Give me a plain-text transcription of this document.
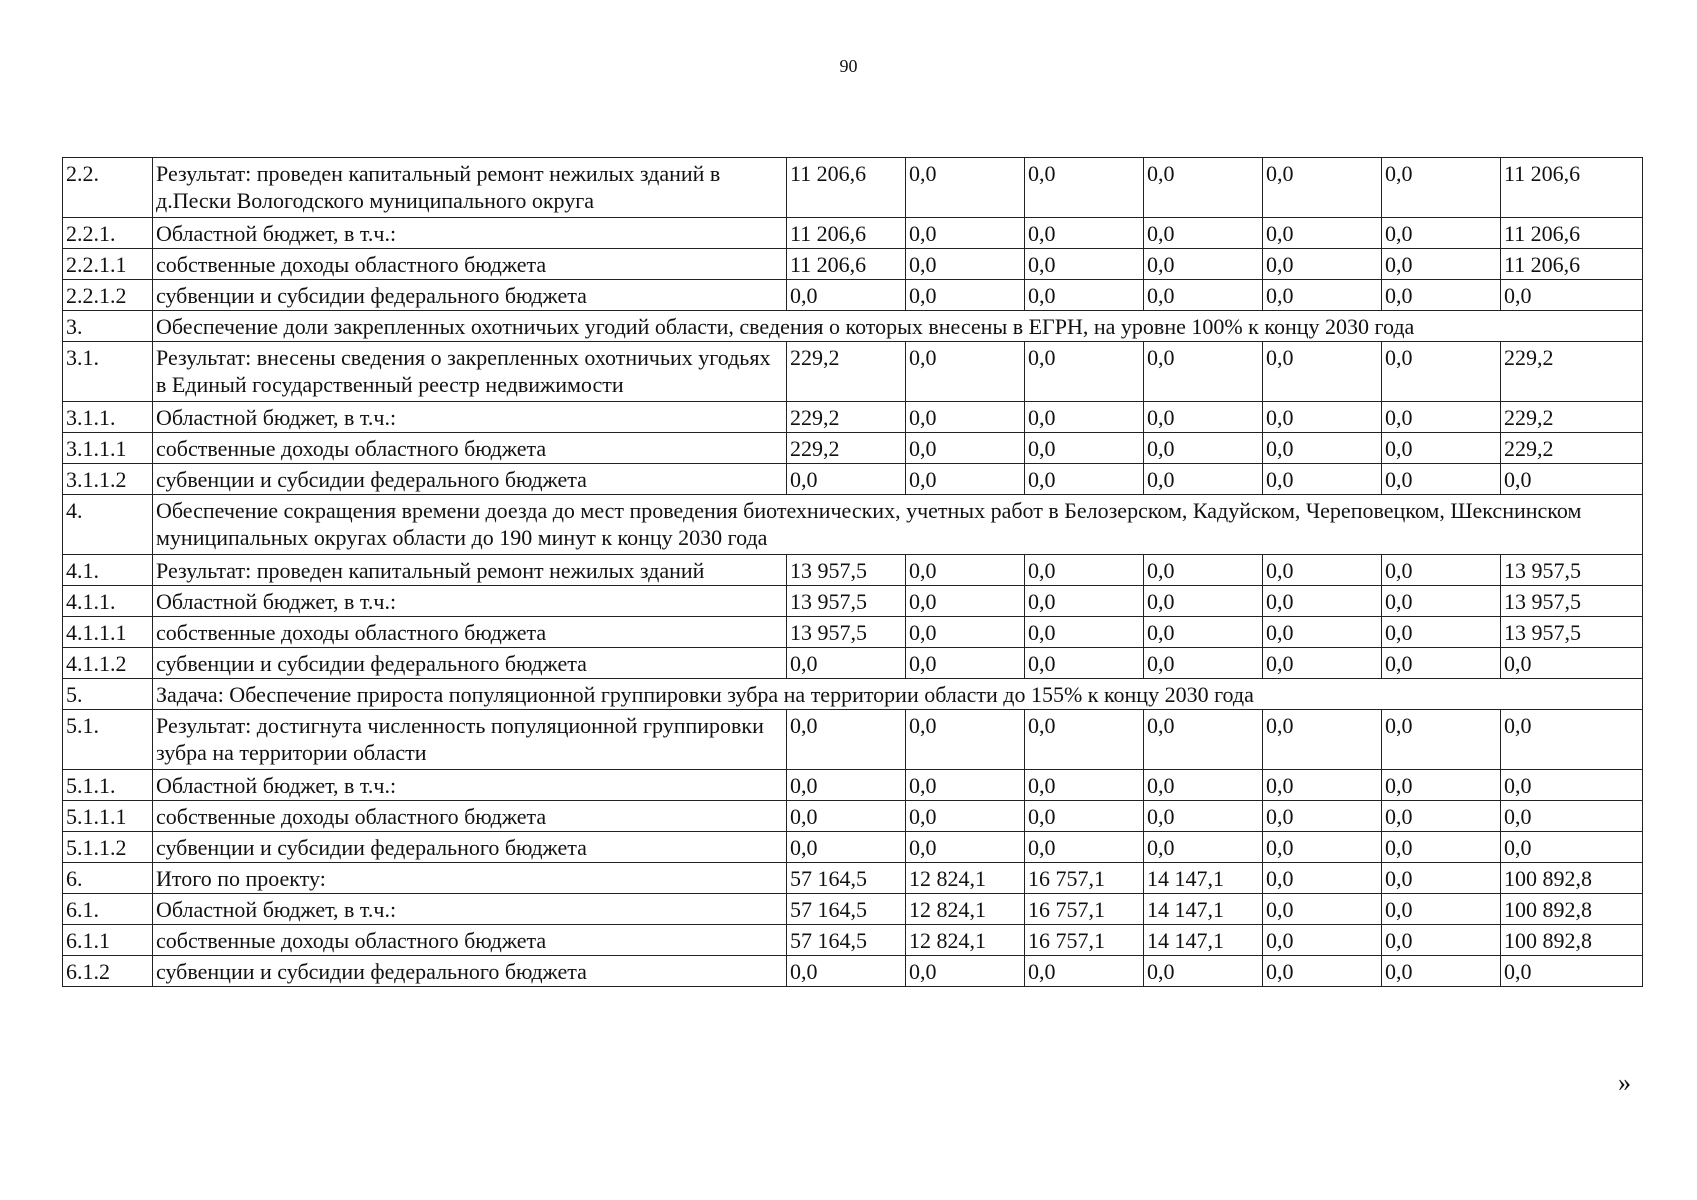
90
2.2.	Результат: проведен капитальный ремонт нежилых зданий в д.Пески Вологодского муниципального округа	11 206,6	0,0	0,0	0,0	0,0	0,0	11 206,6
2.2.1.	Областной бюджет, в т.ч.:	11 206,6	0,0	0,0	0,0	0,0	0,0	11 206,6
2.2.1.1	собственные доходы областного бюджета	11 206,6	0,0	0,0	0,0	0,0	0,0	11 206,6
2.2.1.2	субвенции и субсидии федерального бюджета	0,0	0,0	0,0	0,0	0,0	0,0	0,0
3.	Обеспечение доли закрепленных охотничьих угодий области, сведения о которых внесены в ЕГРН, на уровне 100% к концу 2030 года							
3.1.	Результат: внесены сведения о закрепленных охотничьих угодьях в Единый государственный реестр недвижимости	229,2	0,0	0,0	0,0	0,0	0,0	229,2
3.1.1.	Областной бюджет, в т.ч.:	229,2	0,0	0,0	0,0	0,0	0,0	229,2
3.1.1.1	собственные доходы областного бюджета	229,2	0,0	0,0	0,0	0,0	0,0	229,2
3.1.1.2	субвенции и субсидии федерального бюджета	0,0	0,0	0,0	0,0	0,0	0,0	0,0
4.	Обеспечение сокращения времени доезда до мест проведения биотехнических, учетных работ в Белозерском, Кадуйском, Череповецком, Шекснинском муниципальных округах области до 190 минут к концу 2030 года							
4.1.	Результат: проведен капитальный ремонт нежилых зданий	13 957,5	0,0	0,0	0,0	0,0	0,0	13 957,5
4.1.1.	Областной бюджет, в т.ч.:	13 957,5	0,0	0,0	0,0	0,0	0,0	13 957,5
4.1.1.1	собственные доходы областного бюджета	13 957,5	0,0	0,0	0,0	0,0	0,0	13 957,5
4.1.1.2	субвенции и субсидии федерального бюджета	0,0	0,0	0,0	0,0	0,0	0,0	0,0
5.	Задача: Обеспечение прироста популяционной группировки зубра на территории области до 155% к концу 2030 года							
5.1.	Результат: достигнута численность популяционной группировки зубра на территории области	0,0	0,0	0,0	0,0	0,0	0,0	0,0
5.1.1.	Областной бюджет, в т.ч.:	0,0	0,0	0,0	0,0	0,0	0,0	0,0
5.1.1.1	собственные доходы областного бюджета	0,0	0,0	0,0	0,0	0,0	0,0	0,0
5.1.1.2	субвенции и субсидии федерального бюджета	0,0	0,0	0,0	0,0	0,0	0,0	0,0
6.	Итого по проекту:	57 164,5	12 824,1	16 757,1	14 147,1	0,0	0,0	100 892,8
6.1.	Областной бюджет, в т.ч.:	57 164,5	12 824,1	16 757,1	14 147,1	0,0	0,0	100 892,8
6.1.1	собственные доходы областного бюджета	57 164,5	12 824,1	16 757,1	14 147,1	0,0	0,0	100 892,8
6.1.2	субвенции и субсидии федерального бюджета	0,0	0,0	0,0	0,0	0,0	0,0	0,0
»
